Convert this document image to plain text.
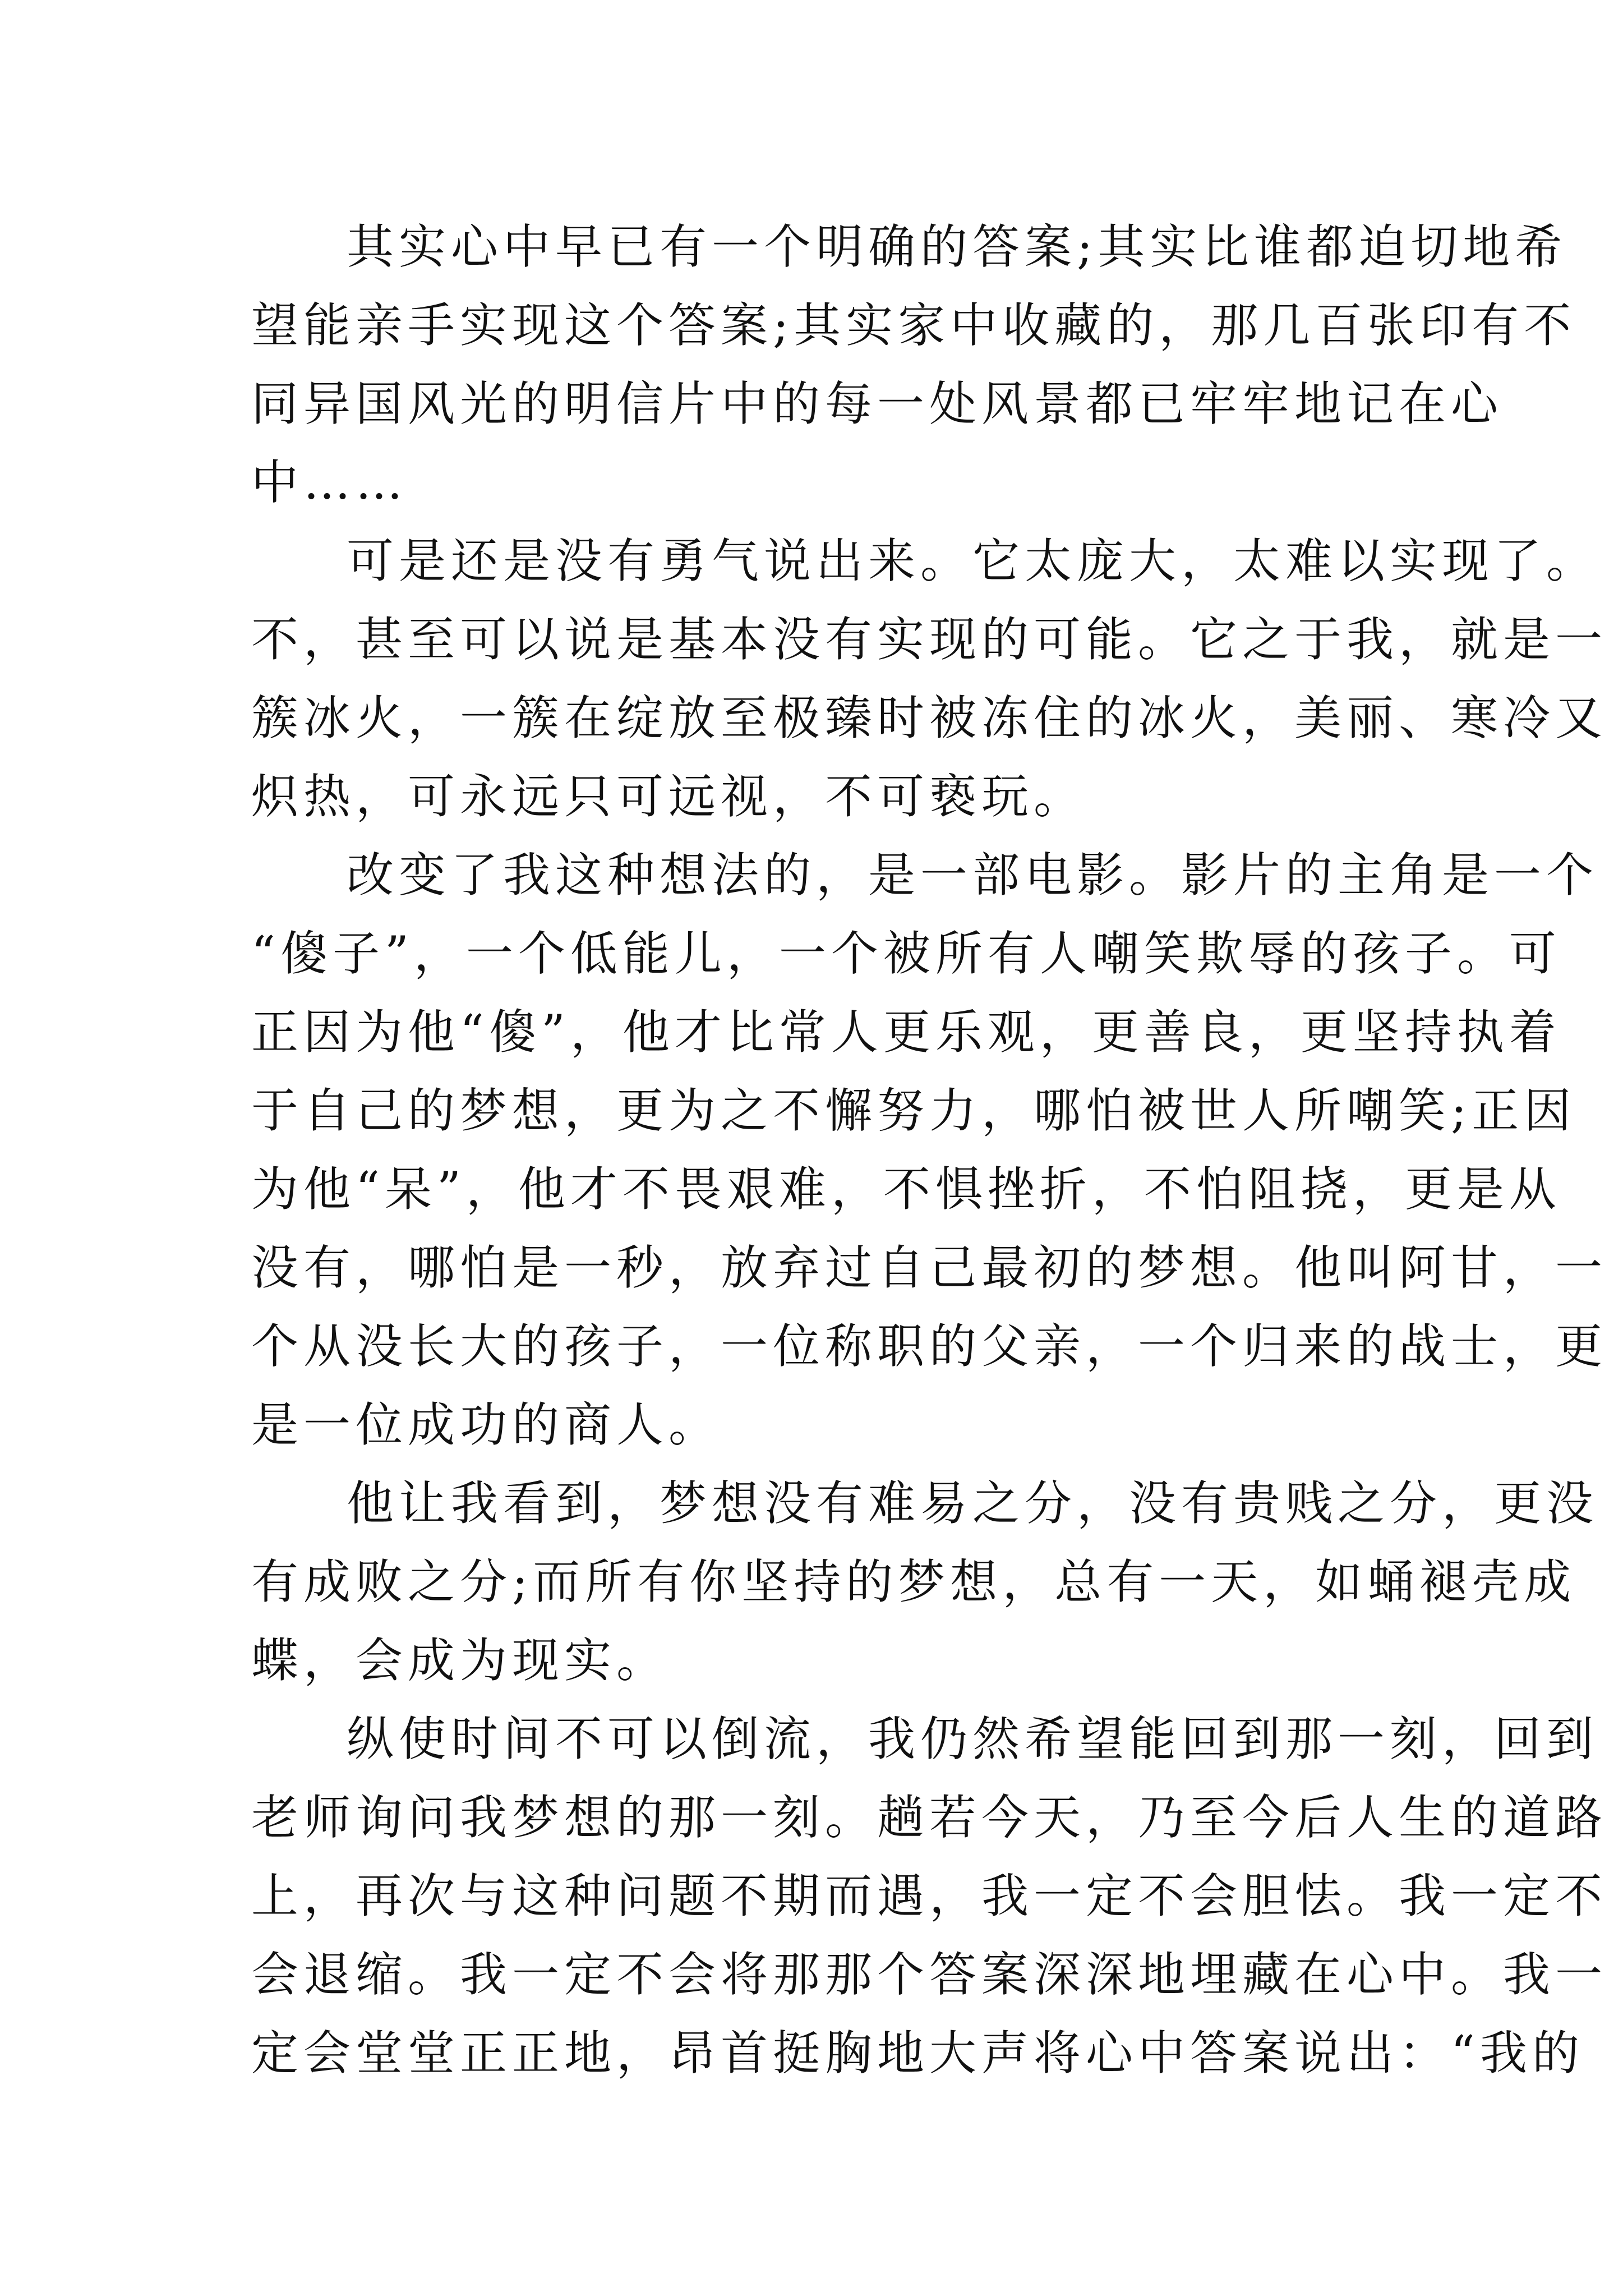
其实心中早已有一个明确的答案;其实比谁都迫切地希
望能亲手实现这个答案;其实家中收藏的，那几百张印有不
同异国风光的明信片中的每一处风景都已牢牢地记在心
中……
可是还是没有勇气说出来。它太庞大，太难以实现了。
不，甚至可以说是基本没有实现的可能。它之于我，就是一
簇冰火，一簇在绽放至极臻时被冻住的冰火，美丽、寒冷又
炽热，可永远只可远视，不可亵玩。
改变了我这种想法的，是一部电影。影片的主角是一个
“傻子”，一个低能儿，一个被所有人嘲笑欺辱的孩子。可
正因为他“傻”，他才比常人更乐观，更善良，更坚持执着
于自己的梦想，更为之不懈努力，哪怕被世人所嘲笑;正因
为他“呆”，他才不畏艰难，不惧挫折，不怕阻挠，更是从
没有，哪怕是一秒，放弃过自己最初的梦想。他叫阿甘，一
个从没长大的孩子，一位称职的父亲，一个归来的战士，更
是一位成功的商人。
他让我看到，梦想没有难易之分，没有贵贱之分，更没
有成败之分;而所有你坚持的梦想，总有一天，如蛹褪壳成
蝶，会成为现实。
纵使时间不可以倒流，我仍然希望能回到那一刻，回到
老师询问我梦想的那一刻。趟若今天，乃至今后人生的道路
上，再次与这种问题不期而遇，我一定不会胆怯。我一定不
会退缩。我一定不会将那那个答案深深地埋藏在心中。我一
定会堂堂正正地，昂首挺胸地大声将心中答案说出：“我的
